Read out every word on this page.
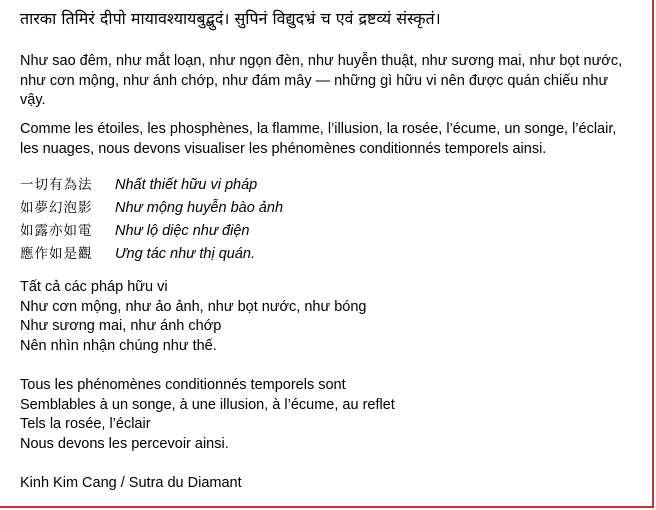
तारका तिमिरं दीपो मायावश्यायबुद्बुदं। सुपिनं विद्युदभ्रं च एवं द्रष्टव्यं संस्कृतं।

Như sao đêm, như mắt loạn, như ngọn đèn, như huyễn thuật, như sương mai, như bọt nước, như cơn mộng, như ánh chớp, như đám mây — những gì hữu vi nên được quán chiếu như vậy.

Comme les étoiles, les phosphènes, la flamme, l’illusion, la rosée, l’écume, un songe, l’éclair, les nuages, nous devons visualiser les phénomènes conditionnés temporels ainsi.

一切有為法	Nhất thiết hữu vi pháp
如夢幻泡影	Như mộng huyễn bào ảnh
如露亦如電	Như lộ diệc như điện
應作如是觀	Ưng tác như thị quán.
Tất cả các pháp hữu vi
Như cơn mộng, như ảo ảnh, như bọt nước, như bóng
Như sương mai, như ánh chớp
Nên nhìn nhận chúng như thế.
Tous les phénomènes conditionnés temporels sont
Semblables à un songe, à une illusion, à l’écume, au reflet
Tels la rosée, l’éclair
Nous devons les percevoir ainsi.

Kinh Kim Cang / Sutra du Diamant
